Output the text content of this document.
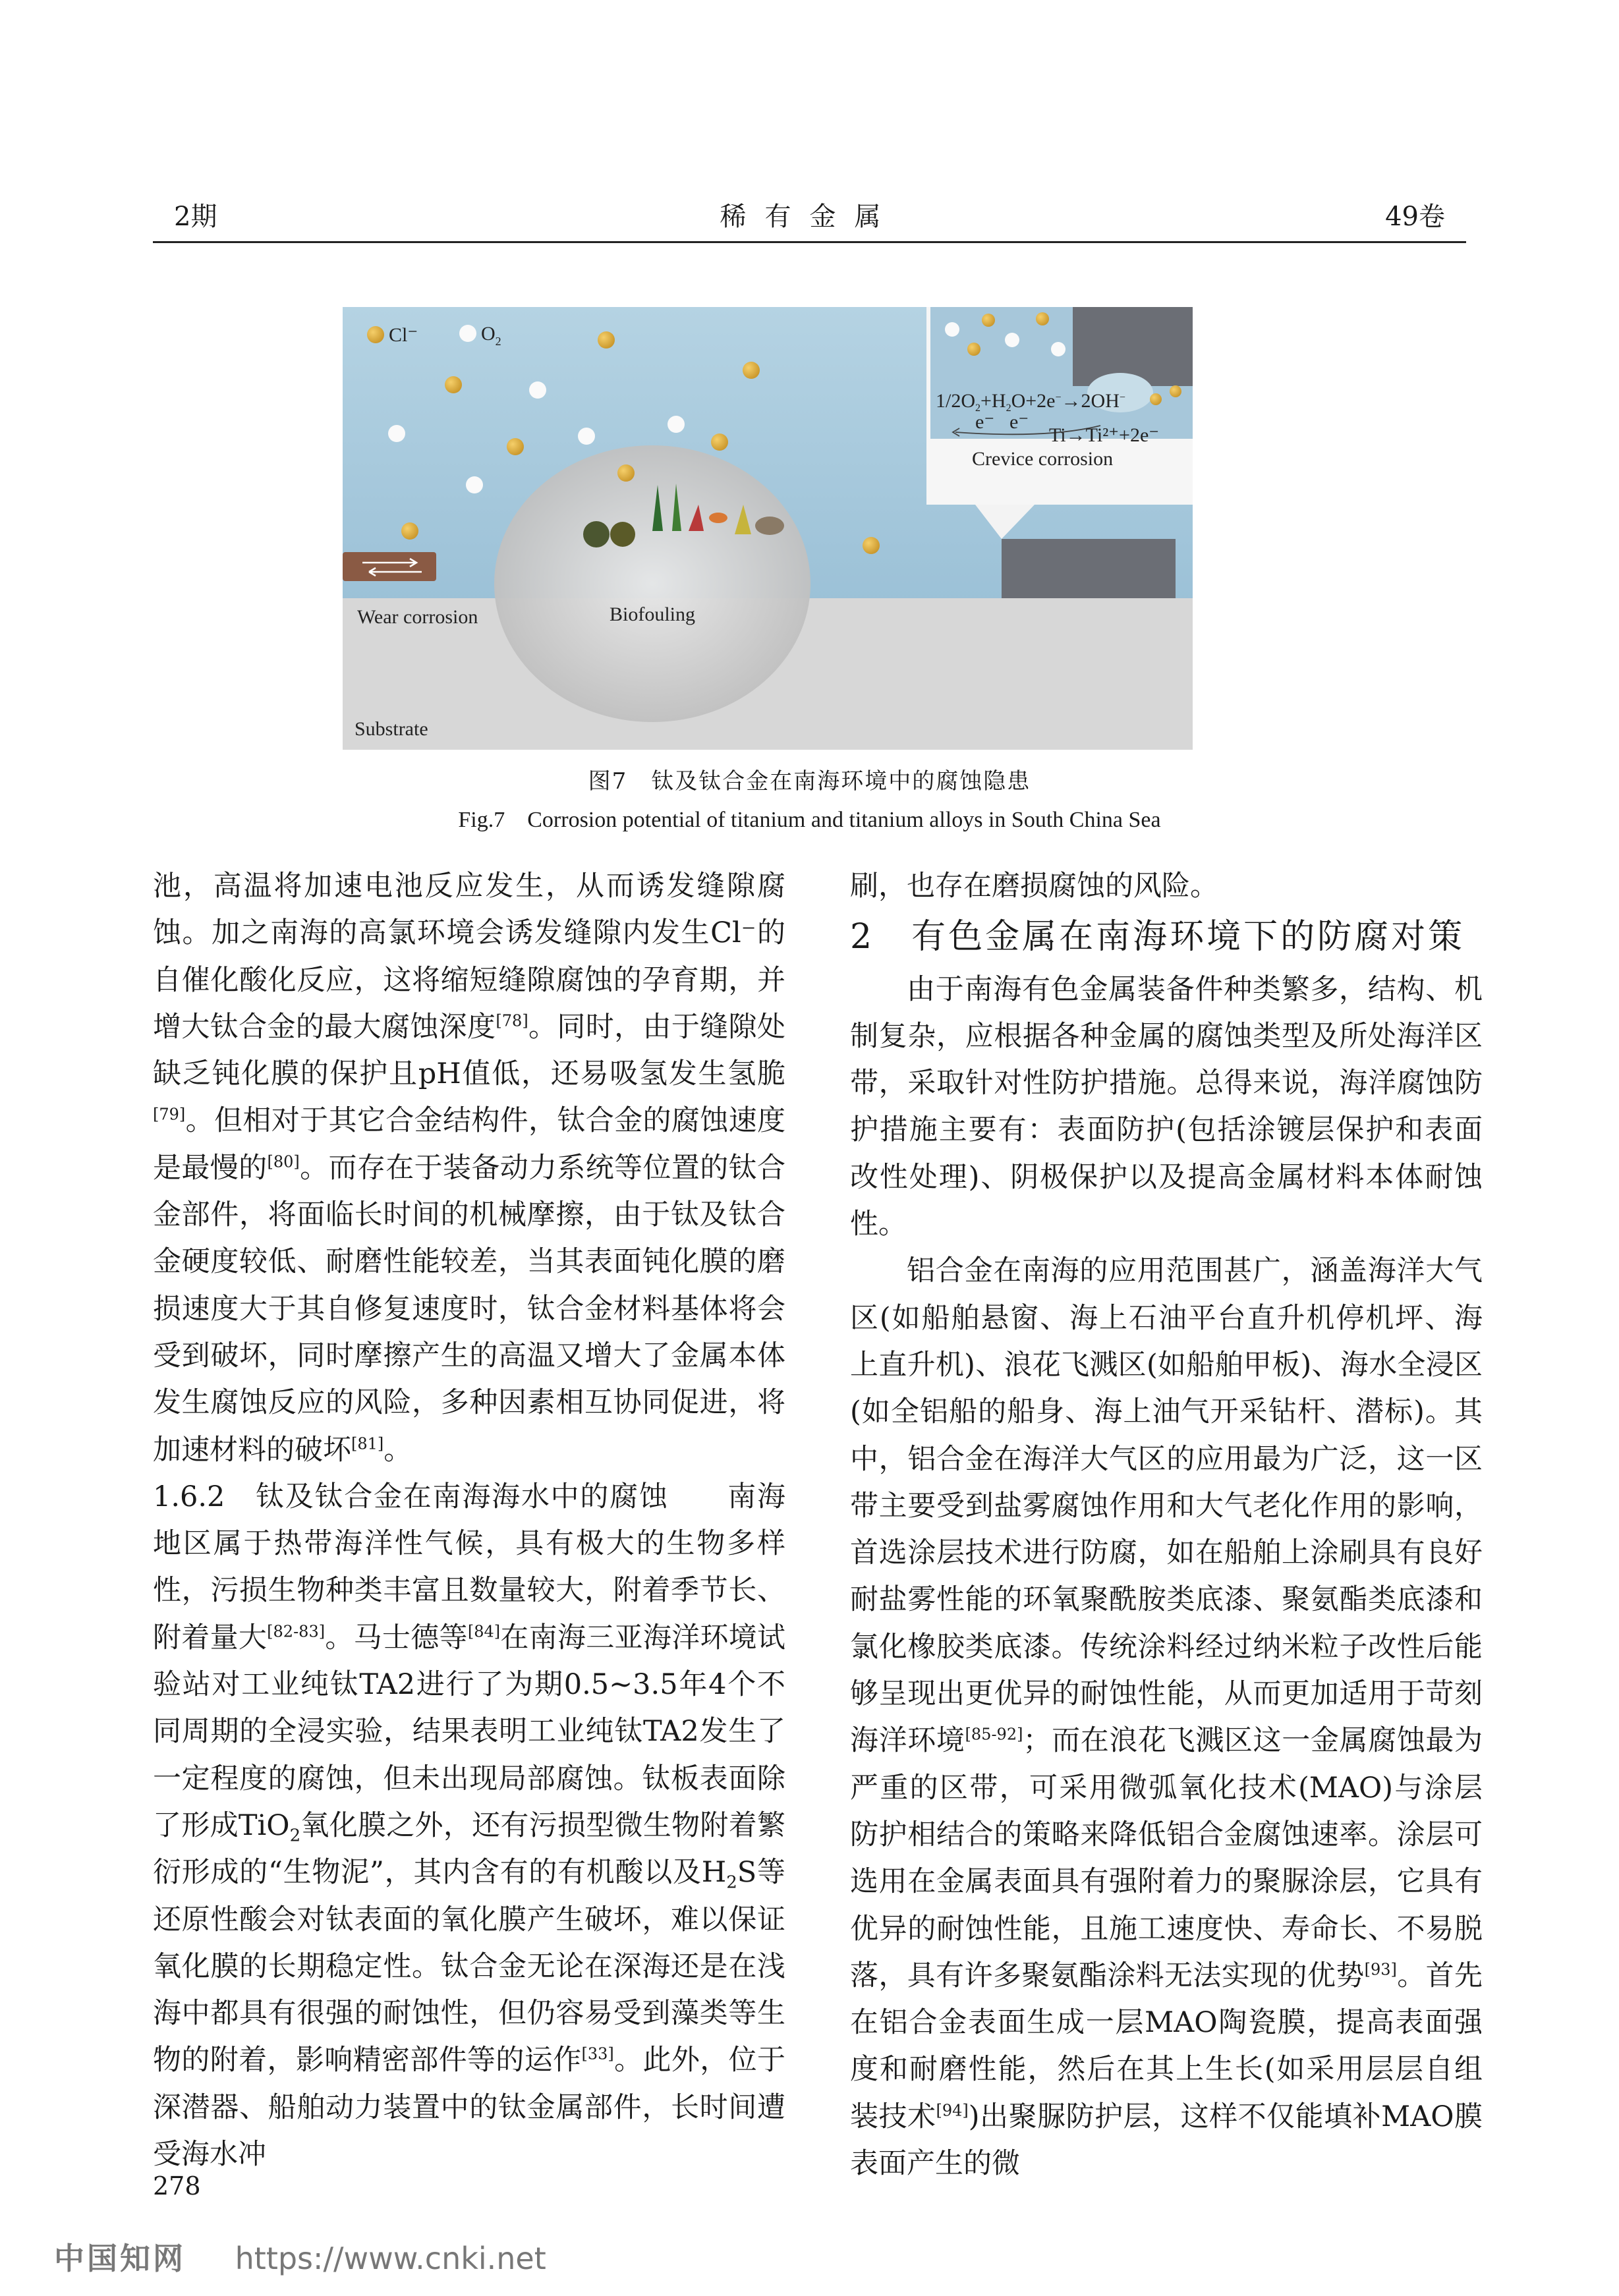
2期	稀有金属	49卷
Cl⁻	$O_2$
$1/2O_2+H_2O+2e^-\to 2OH^-$
e⁻ e⁻
Ti→Ti²⁺+2e⁻
Crevice corrosion
Wear corrosion	Biofouling
Substrate
图7　钛及钛合金在南海环境中的腐蚀隐患
Fig.7　Corrosion potential of titanium and titanium alloys in South China Sea

池，高温将加速电池反应发生，从而诱发缝隙腐蚀。加之南海的高氯环境会诱发缝隙内发生Cl⁻的自催化酸化反应，这将缩短缝隙腐蚀的孕育期，并增大钛合金的最大腐蚀深度[78]。同时，由于缝隙处缺乏钝化膜的保护且pH值低，还易吸氢发生氢脆[79]。但相对于其它合金结构件，钛合金的腐蚀速度是最慢的[80]。而存在于装备动力系统等位置的钛合金部件，将面临长时间的机械摩擦，由于钛及钛合金硬度较低、耐磨性能较差，当其表面钝化膜的磨损速度大于其自修复速度时，钛合金材料基体将会受到破坏，同时摩擦产生的高温又增大了金属本体发生腐蚀反应的风险，多种因素相互协同促进，将加速材料的破坏[81]。

1.6.2　钛及钛合金在南海海水中的腐蚀　　南海地区属于热带海洋性气候，具有极大的生物多样性，污损生物种类丰富且数量较大，附着季节长、附着量大[82-83]。马士德等[84]在南海三亚海洋环境试验站对工业纯钛TA2进行了为期0.5~3.5年4个不同周期的全浸实验，结果表明工业纯钛TA2发生了一定程度的腐蚀，但未出现局部腐蚀。钛板表面除了形成TiO$_2$氧化膜之外，还有污损型微生物附着繁衍形成的“生物泥”，其内含有的有机酸以及$H_2S$等还原性酸会对钛表面的氧化膜产生破坏，难以保证氧化膜的长期稳定性。钛合金无论在深海还是在浅海中都具有很强的耐蚀性，但仍容易受到藻类等生物的附着，影响精密部件等的运作[33]。此外，位于深潜器、船舶动力装置中的钛金属部件，长时间遭受海水冲

刷，也存在磨损腐蚀的风险。

2　有色金属在南海环境下的防腐对策

由于南海有色金属装备件种类繁多，结构、机制复杂，应根据各种金属的腐蚀类型及所处海洋区带，采取针对性防护措施。总得来说，海洋腐蚀防护措施主要有：表面防护(包括涂镀层保护和表面改性处理)、阴极保护以及提高金属材料本体耐蚀性。

铝合金在南海的应用范围甚广，涵盖海洋大气区(如船舶悬窗、海上石油平台直升机停机坪、海上直升机)、浪花飞溅区(如船舶甲板)、海水全浸区(如全铝船的船身、海上油气开采钻杆、潜标)。其中，铝合金在海洋大气区的应用最为广泛，这一区带主要受到盐雾腐蚀作用和大气老化作用的影响，首选涂层技术进行防腐，如在船舶上涂刷具有良好耐盐雾性能的环氧聚酰胺类底漆、聚氨酯类底漆和氯化橡胶类底漆。传统涂料经过纳米粒子改性后能够呈现出更优异的耐蚀性能，从而更加适用于苛刻海洋环境[85-92]；而在浪花飞溅区这一金属腐蚀最为严重的区带，可采用微弧氧化技术(MAO)与涂层防护相结合的策略来降低铝合金腐蚀速率。涂层可选用在金属表面具有强附着力的聚脲涂层，它具有优异的耐蚀性能，且施工速度快、寿命长、不易脱落，具有许多聚氨酯涂料无法实现的优势[93]。首先在铝合金表面生成一层MAO陶瓷膜，提高表面强度和耐磨性能，然后在其上生长(如采用层层自组装技术[94])出聚脲防护层，这样不仅能填补MAO膜表面产生的微

278
中国知网 https://www.cnki.net
